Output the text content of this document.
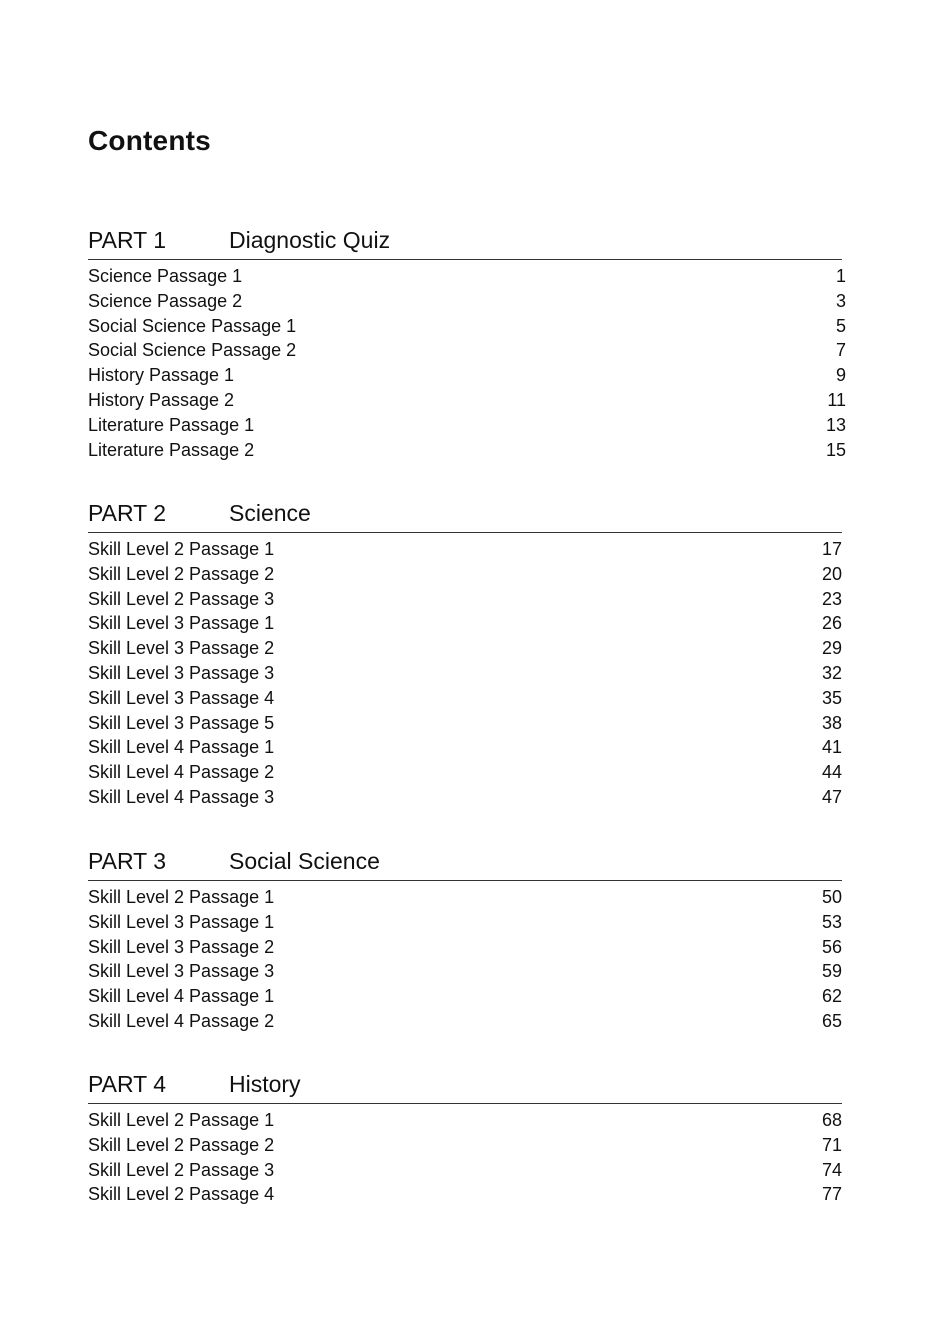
Contents
PART 1	Diagnostic Quiz
Science Passage 1	1
Science Passage 2	3
Social Science Passage 1	5
Social Science Passage 2	7
History Passage 1	9
History Passage 2	11
Literature Passage 1	13
Literature Passage 2	15
PART 2	Science
Skill Level 2 Passage 1	17
Skill Level 2 Passage 2	20
Skill Level 2 Passage 3	23
Skill Level 3 Passage 1	26
Skill Level 3 Passage 2	29
Skill Level 3 Passage 3	32
Skill Level 3 Passage 4	35
Skill Level 3 Passage 5	38
Skill Level 4 Passage 1	41
Skill Level 4 Passage 2	44
Skill Level 4 Passage 3	47
PART 3	Social Science
Skill Level 2 Passage 1	50
Skill Level 3 Passage 1	53
Skill Level 3 Passage 2	56
Skill Level 3 Passage 3	59
Skill Level 4 Passage 1	62
Skill Level 4 Passage 2	65
PART 4	History
Skill Level 2 Passage 1	68
Skill Level 2 Passage 2	71
Skill Level 2 Passage 3	74
Skill Level 2 Passage 4	77
